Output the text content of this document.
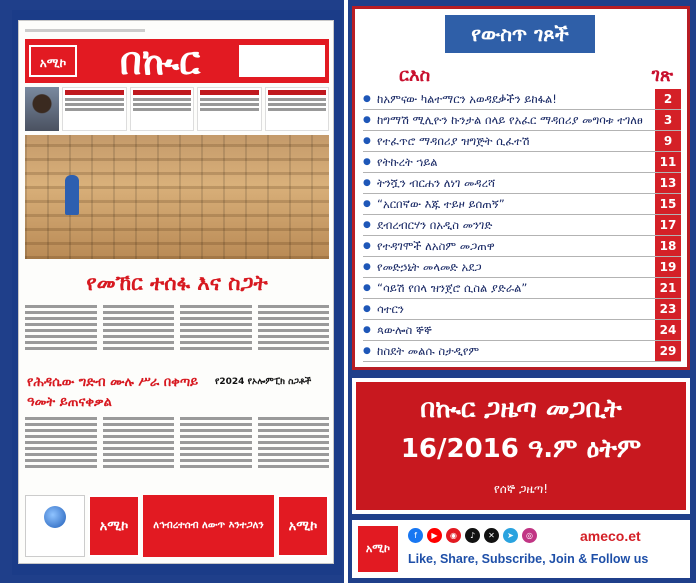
አሚኮ	በኲር
የመኸር ተሰፋ እና ስጋት
የሕዳሴው ግድብ ሙሉ ሥራ በቀጣይ ዓመት ይጠናቀቃል
የ2024 የኦሎምፒክ ስጋቶች
አሚኮ	ለኅብረተሰብ ለውጥ እንተጋለን	አሚኮ
የውስጥ ገጾች
ርእስ	ገጽ
● ከአምናው ካልተማርን አወዳደቃችን ይከፋል!	2
● ከግማሽ ሚሊዮን ኩንታል በላይ የአፈር ማዳበሪያ መግባቱ ተገለፀ	3
● የተፈጥሮ ማዳበሪያ ዝግጅት ሲፈተሽ	9
● የትኩረት ኀይል	11
● ትንሿን ብርሐን ለነገ መዳረሻ	13
● “አርበኛው እጁ ተይዞ ይሰጠኝ”	15
● ደብረብርሃን በአዲስ መንገድ	17
● የተዳገሞች ለአስም መጋጠዋ	18
● የመድኃኒት መላመድ አደጋ	19
● “ሳይሽ የበላ ዝንጀሮ ሲስል ያድራል”	21
● ሳተርን	23
● ጳውሎስ ኞኞ	24
● ከስደት መልሱ ስታዲየም	29
በኲር ጋዜጣ መጋቢት
16/2016 ዓ.ም ዕትም
የሰኞ ጋዜጣ!
አሚኮ
f	▶	◉	♪	✕	➤	◎	ameco.et
Like, Share, Subscribe, Join & Follow us
